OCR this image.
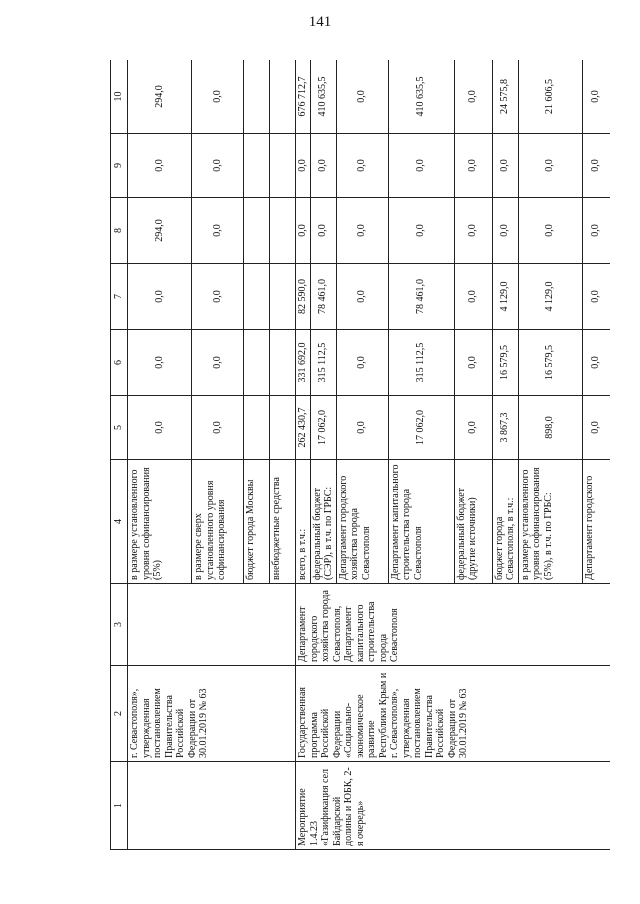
141
1	2	3	4	5	6	7	8	9	10
	г. Севастополя», утвержденная постановлением Правительства Российской Федерации от 30.01.2019 № 63		в размере установленного уровня софинансирования (5%)	0,0	0,0	0,0	294,0	0,0	294,0
			в размере сверх установленного уровня софинансирования	0,0	0,0	0,0	0,0	0,0	0,0
			бюджет города Москвы						
			внебюджетные средства						
Мероприятие 1.4.23 «Газификация сел Байдарской долины и ЮБК, 2-я очередь»	Государственная программа Российской Федерации «Социально-экономическое развитие Республики Крым и г. Севастополя», утвержденная постановлением Правительства Российской Федерации от 30.01.2019 № 63	Департамент городского хозяйства города Севастополя, Департамент капитального строительства города Севастополя	всего, в т.ч.:	262 430,7	331 692,0	82 590,0	0,0	0,0	676 712,7
			федеральный бюджет (СЭР), в т.ч. по ГРБС:	17 062,0	315 112,5	78 461,0	0,0	0,0	410 635,5
			Департамент городского хозяйства города Севастополя	0,0	0,0	0,0	0,0	0,0	0,0
			Департамент капитального строительства города Севастополя	17 062,0	315 112,5	78 461,0	0,0	0,0	410 635,5
			федеральный бюджет (другие источники)	0,0	0,0	0,0	0,0	0,0	0,0
			бюджет города Севастополя, в т.ч.:	3 867,3	16 579,5	4 129,0	0,0	0,0	24 575,8
			в размере установленного уровня софинансирования (5%), в т.ч. по ГРБС:	898,0	16 579,5	4 129,0	0,0	0,0	21 606,5
			Департамент городского	0,0	0,0	0,0	0,0	0,0	0,0
